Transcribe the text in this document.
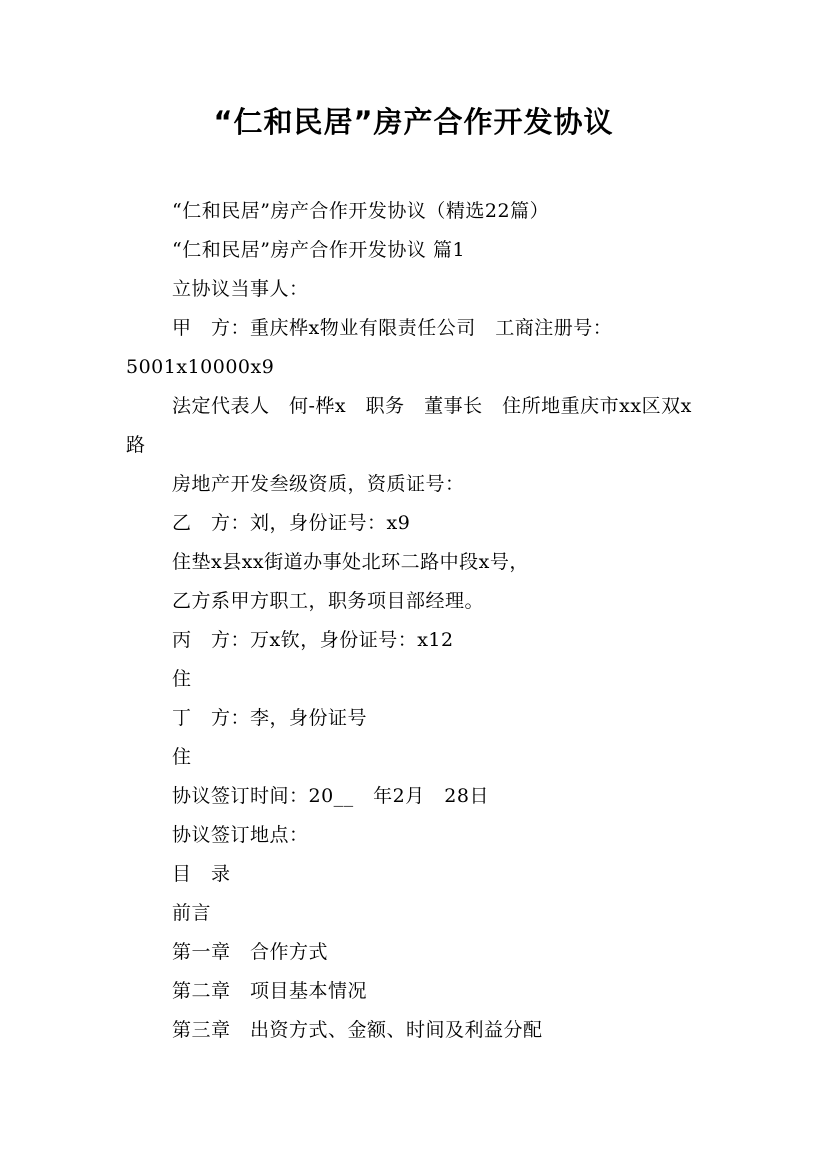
“仁和民居”房产合作开发协议

“仁和民居”房产合作开发协议（精选22篇）

“仁和民居”房产合作开发协议 篇1

立协议当事人：

甲　方：重庆桦x物业有限责任公司　工商注册号：5001x10000x9

法定代表人　何-桦x　职务　董事长　住所地重庆市xx区双x路

房地产开发叁级资质，资质证号：

乙　方：刘，身份证号：x9

住垫x县xx街道办事处北环二路中段x号，

乙方系甲方职工，职务项目部经理。

丙　方：万x钦，身份证号：x12

住

丁　方：李，身份证号

住

协议签订时间：20__　年2月　28日

协议签订地点：

目　录

前言

第一章　合作方式

第二章　项目基本情况

第三章　出资方式、金额、时间及利益分配
